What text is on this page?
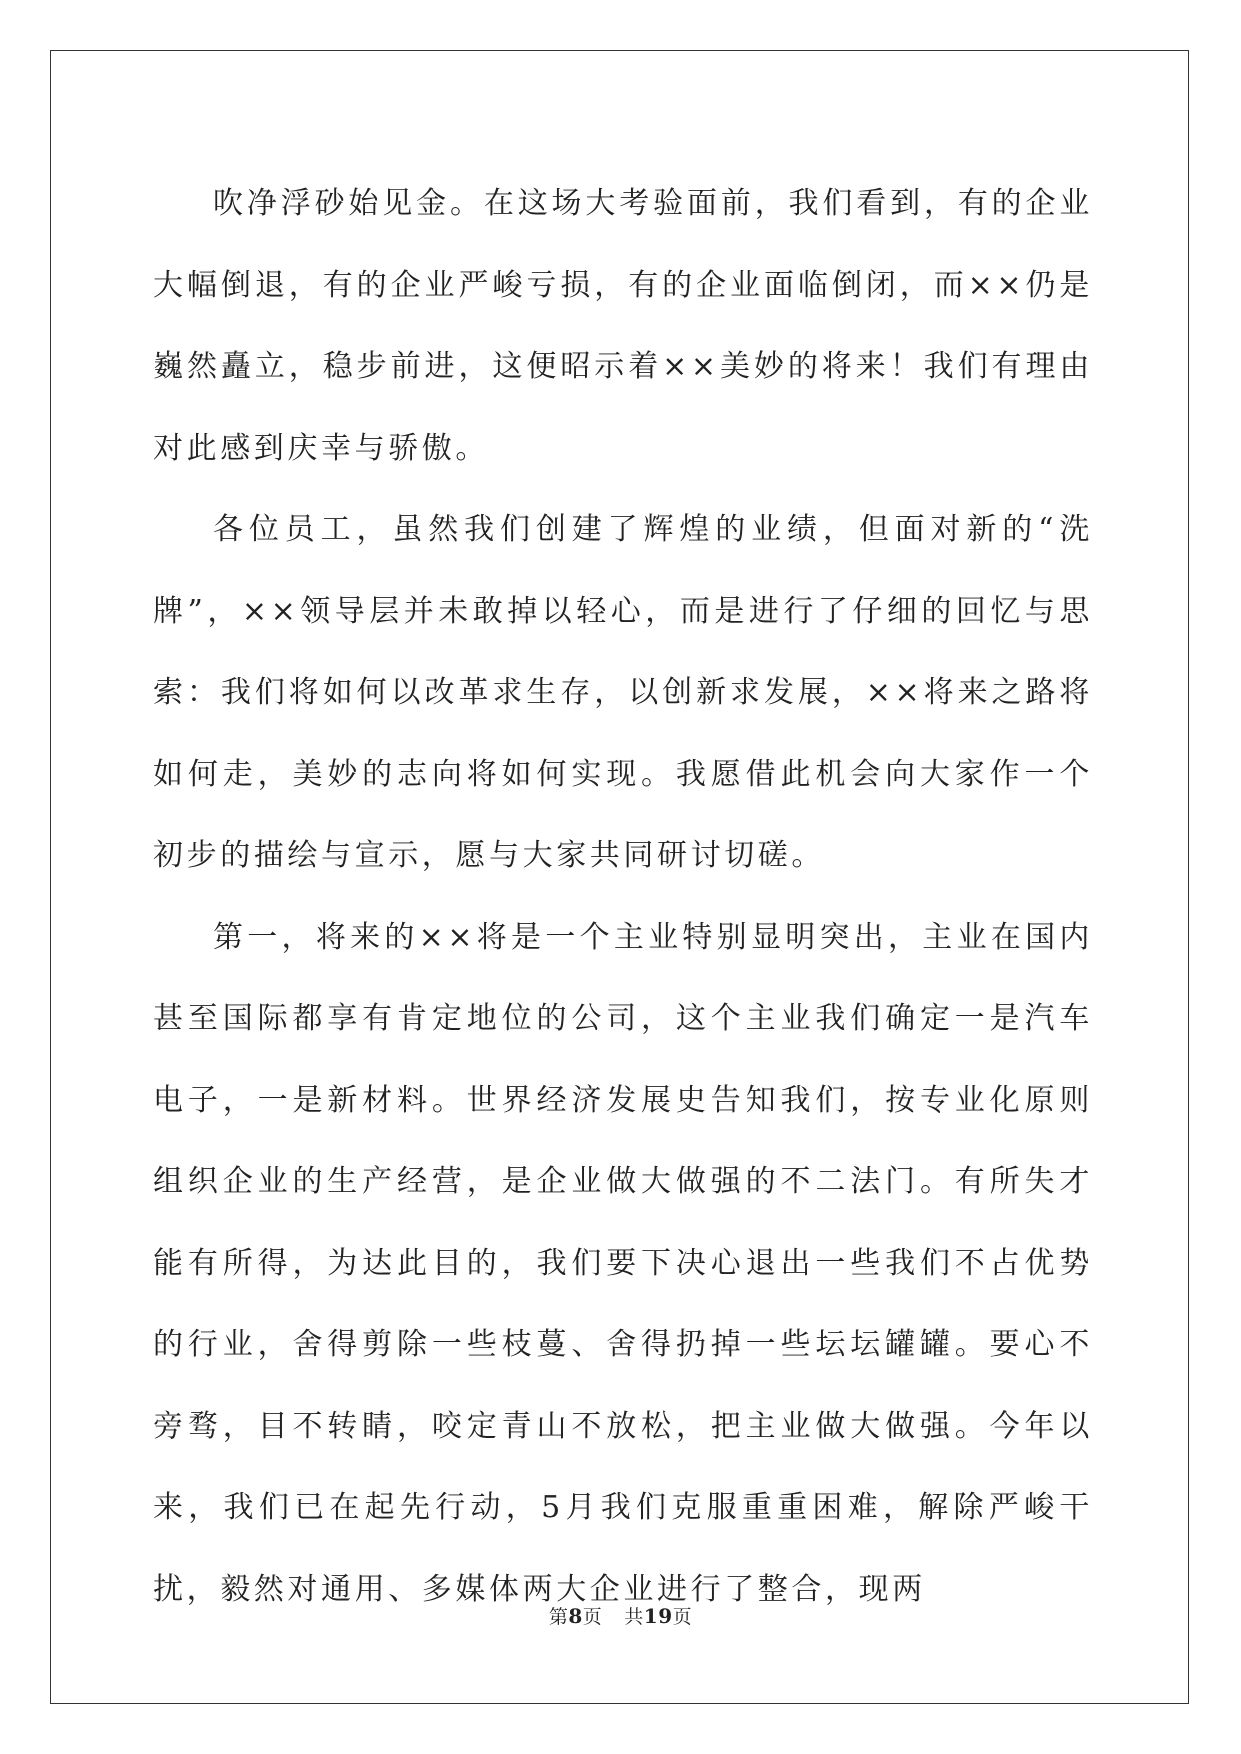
吹净浮砂始见金。在这场大考验面前，我们看到，有的企业大幅倒退，有的企业严峻亏损，有的企业面临倒闭，而××仍是巍然矗立，稳步前进，这便昭示着××美妙的将来！我们有理由对此感到庆幸与骄傲。

各位员工，虽然我们创建了辉煌的业绩，但面对新的“洗牌”，××领导层并未敢掉以轻心，而是进行了仔细的回忆与思索：我们将如何以改革求生存，以创新求发展，××将来之路将如何走，美妙的志向将如何实现。我愿借此机会向大家作一个初步的描绘与宣示，愿与大家共同研讨切磋。

第一，将来的××将是一个主业特别显明突出，主业在国内甚至国际都享有肯定地位的公司，这个主业我们确定一是汽车电子，一是新材料。世界经济发展史告知我们，按专业化原则组织企业的生产经营，是企业做大做强的不二法门。有所失才能有所得，为达此目的，我们要下决心退出一些我们不占优势的行业，舍得剪除一些枝蔓、舍得扔掉一些坛坛罐罐。要心不旁骛，目不转睛，咬定青山不放松，把主业做大做强。今年以来，我们已在起先行动，5月我们克服重重困难，解除严峻干扰，毅然对通用、多媒体两大企业进行了整合，现两

第8页 共19页
